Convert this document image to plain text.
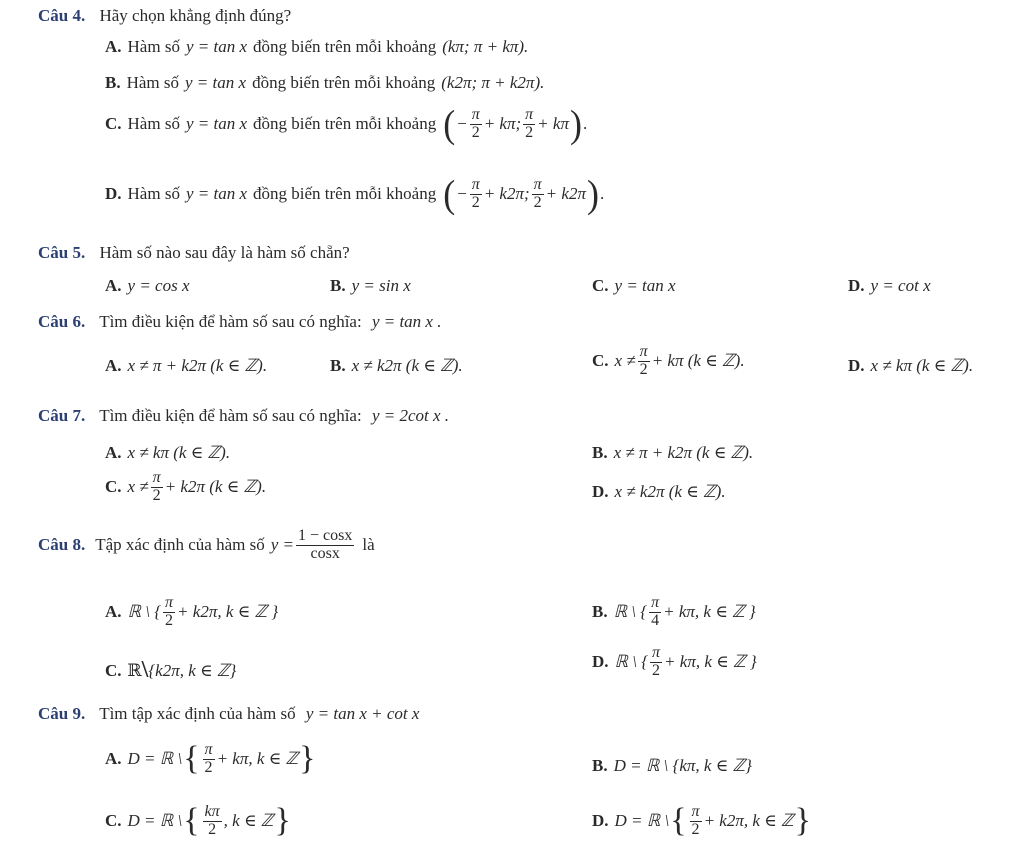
Câu 4. Hãy chọn khẳng định đúng?
A. Hàm số y = tan x đồng biến trên mỗi khoảng (kπ; π + kπ).
B. Hàm số y = tan x đồng biến trên mỗi khoảng (k2π; π + k2π).
C. Hàm số y = tan x đồng biến trên mỗi khoảng ( − $\frac{\pi}{2} + k\pi$; $\frac{\pi}{2} + k\pi$ ) .
D. Hàm số y = tan x đồng biến trên mỗi khoảng ( − $\frac{\pi}{2} + k2\pi$; $\frac{\pi}{2} + k2\pi$ ) .
Câu 5. Hàm số nào sau đây là hàm số chẵn?
A. y = cos x	B. y = sin x	C. y = tan x	D. y = cot x
Câu 6. Tìm điều kiện để hàm số sau có nghĩa: y = tan x .
A. x ≠ π + k2π (k ∈ ℤ).	B. x ≠ k2π (k ∈ ℤ).	C. $x \ne \frac{\pi}{2} + k\pi$ (k ∈ ℤ).	D. x ≠ kπ (k ∈ ℤ).
Câu 7. Tìm điều kiện để hàm số sau có nghĩa: y = 2cot x .
A. x ≠ kπ (k ∈ ℤ).	B. x ≠ π + k2π (k ∈ ℤ).
C. $x \ne \frac{\pi}{2} + k2\pi$ (k ∈ ℤ).	D. x ≠ k2π (k ∈ ℤ).
Câu 8. Tập xác định của hàm số $y = \frac{1 - \cos x}{\cos x}$ là
A. ℝ \ { $\frac{\pi}{2} + k2\pi$, k ∈ ℤ }	B. ℝ \ { $\frac{\pi}{4} + k\pi$, k ∈ ℤ }
C. ℝ \ {k2π, k ∈ ℤ}	D. ℝ \ { $\frac{\pi}{2} + k\pi$, k ∈ ℤ }
Câu 9. Tìm tập xác định của hàm số y = tan x + cot x
A. D = ℝ \ { $\frac{\pi}{2} + k\pi$, k ∈ ℤ }	B. D = ℝ \ {kπ, k ∈ ℤ}
C. D = ℝ \ { $\frac{k\pi}{2}$ , k ∈ ℤ }	D. D = ℝ \ { $\frac{\pi}{2} + k2\pi$, k ∈ ℤ }
